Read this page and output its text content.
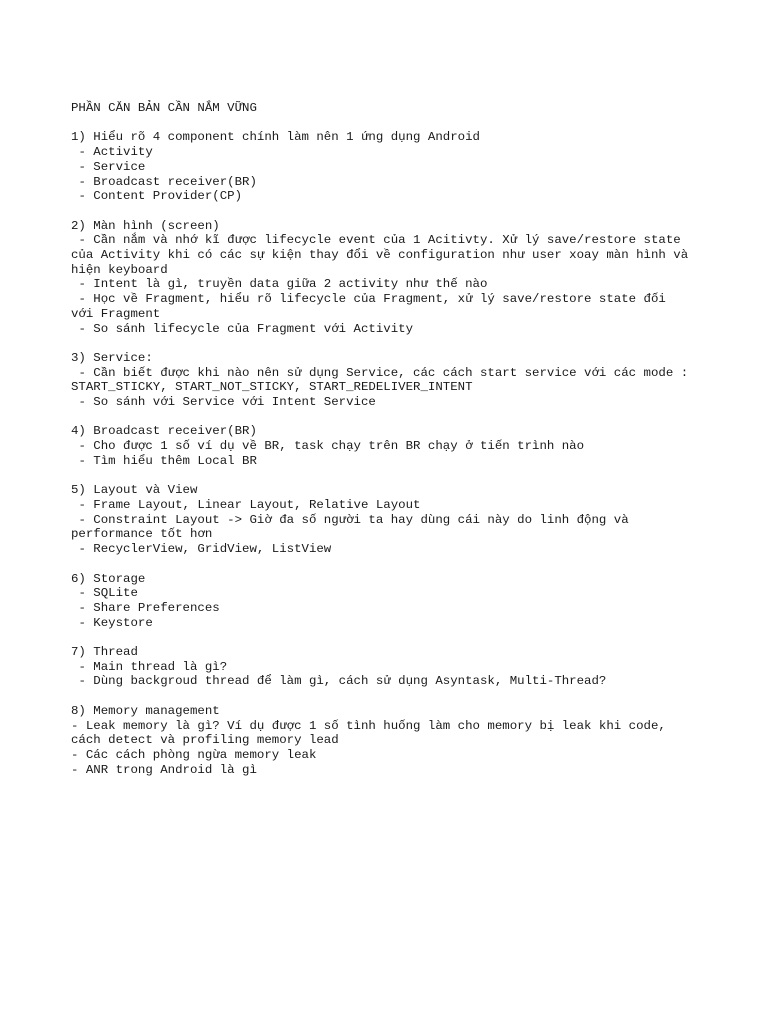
PHẦN CĂN BẢN CẦN NẮM VỮNG

1) Hiểu rõ 4 component chính làm nên 1 ứng dụng Android
- Activity
- Service
- Broadcast receiver(BR)
- Content Provider(CP)

2) Màn hình (screen)
- Cần nắm và nhớ kĩ được lifecycle event của 1 Acitivty. Xử lý save/restore state
của Activity khi có các sự kiện thay đổi về configuration như user xoay màn hình và
hiện keyboard
- Intent là gì, truyền data giữa 2 activity như thế nào
- Học về Fragment, hiểu rõ lifecycle của Fragment, xử lý save/restore state đối
với Fragment
- So sánh lifecycle của Fragment với Activity

3) Service:
- Cần biết được khi nào nên sử dụng Service, các cách start service với các mode :
START_STICKY, START_NOT_STICKY, START_REDELIVER_INTENT
- So sánh với Service với Intent Service

4) Broadcast receiver(BR)
- Cho được 1 số ví dụ về BR, task chạy trên BR chạy ở tiến trình nào
- Tìm hiểu thêm Local BR

5) Layout và View
- Frame Layout, Linear Layout, Relative Layout
- Constraint Layout -> Giờ đa số người ta hay dùng cái này do linh động và
performance tốt hơn
- RecyclerView, GridView, ListView

6) Storage
- SQLite
- Share Preferences
- Keystore

7) Thread
- Main thread là gì?
- Dùng backgroud thread để làm gì, cách sử dụng Asyntask, Multi-Thread?

8) Memory management
- Leak memory là gì? Ví dụ được 1 số tình huống làm cho memory bị leak khi code,
cách detect và profiling memory lead
- Các cách phòng ngừa memory leak
- ANR trong Android là gì
